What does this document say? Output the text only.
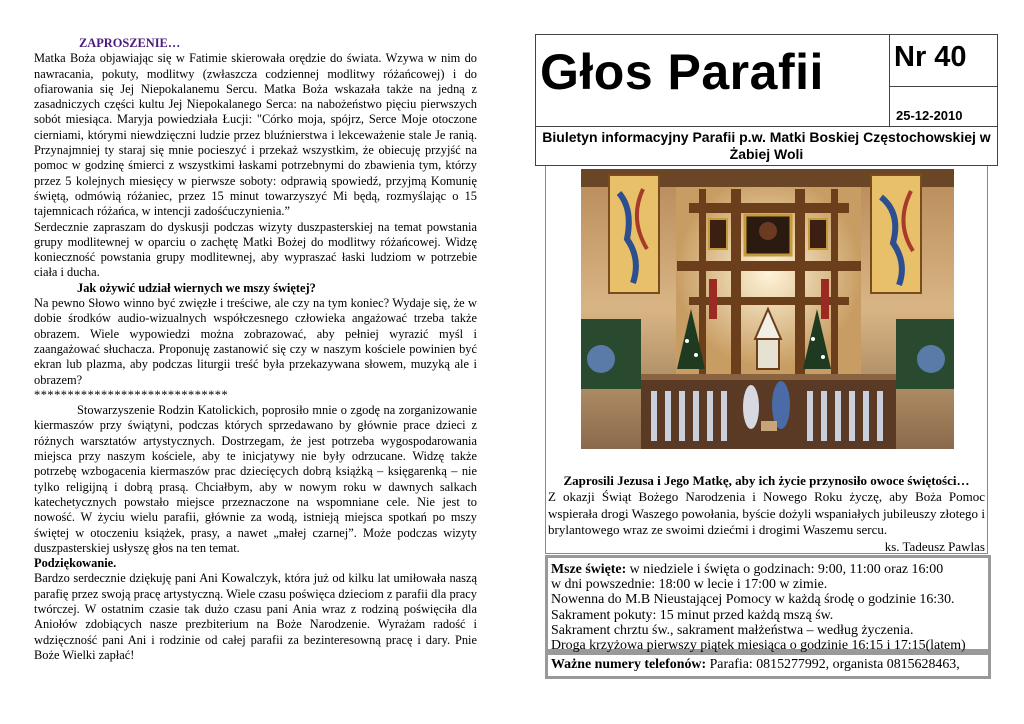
ZAPROSZENIE…

Matka Boża objawiając się w Fatimie skierowała orędzie do świata. Wzywa w nim do nawracania, pokuty, modlitwy (zwłaszcza codziennej modlitwy różańcowej) i do ofiarowania się Jej Niepokalanemu Sercu. Matka Boża wskazała także na jedną z zasadniczych części kultu Jej Niepokalanego Serca: na nabożeństwo pięciu pierwszych sobót miesiąca. Maryja powiedziała Łucji: "Córko moja, spójrz, Serce Moje otoczone cierniami, którymi niewdzięczni ludzie przez bluźnierstwa i lekceważenie stale Je ranią. Przynajmniej ty staraj się mnie pocieszyć i przekaż wszystkim, że obiecuję przyjść na pomoc w godzinę śmierci z wszystkimi łaskami potrzebnymi do zbawienia tym, którzy przez 5 kolejnych miesięcy w pierwsze soboty: odprawią spowiedź, przyjmą Komunię świętą, odmówią różaniec, przez 15 minut towarzyszyć Mi będą, rozmyślając o 15 tajemnicach różańca, w intencji zadośćuczynienia.”

Serdecznie zapraszam do dyskusji podczas wizyty duszpasterskiej na temat powstania grupy modlitewnej w oparciu o zachętę Matki Bożej do modlitwy różańcowej. Widzę konieczność powstania grupy modlitewnej, aby wypraszać łaski ludziom w potrzebie ciała i ducha.

Jak ożywić udział wiernych we mszy świętej?

Na pewno Słowo winno być zwięzłe i treściwe, ale czy na tym koniec? Wydaje się, że w dobie środków audio-wizualnych współczesnego człowieka angażować trzeba także obrazem. Wiele wypowiedzi można zobrazować, aby pełniej wyrazić myśl i zaangażować słuchacza. Proponuję zastanowić się czy w naszym kościele powinien być ekran lub plazma, aby podczas liturgii treść była przekazywana słowem, muzyką ale i obrazem?

*****************************

Stowarzyszenie Rodzin Katolickich, poprosiło mnie o zgodę na zorganizowanie kiermaszów przy świątyni, podczas których sprzedawano by głównie prace dzieci z różnych warsztatów artystycznych. Dostrzegam, że jest potrzeba wygospodarowania miejsca przy naszym kościele, aby te inicjatywy nie były odrzucane. Widzę także potrzebę wzbogacenia kiermaszów prac dziecięcych dobrą książką – księgarenką – nie tylko religijną i dobrą prasą. Chciałbym, aby w nowym roku w dawnych salkach katechetycznych powstało miejsce przeznaczone na wspomniane cele. Nie jest to nowość. W życiu wielu parafii, głównie za wodą, istnieją miejsca spotkań po mszy świętej w otoczeniu książek, prasy, a nawet „małej czarnej”. Może podczas wizyty duszpasterskiej usłyszę głos na ten temat.

Podziękowanie.

Bardzo serdecznie dziękuję pani Ani Kowalczyk, która już od kilku lat umiłowała naszą parafię przez swoją pracę artystyczną. Wiele czasu poświęca dzieciom z parafii dla pracy twórczej. W ostatnim czasie tak dużo czasu pani Ania wraz z rodziną poświęciła dla Aniołów zdobiących nasze prezbiterium na Boże Narodzenie. Wyrażam radość i wdzięczność pani Ani i rodzinie od całej parafii za bezinteresowną pracę i dary. Pnie Boże Wielki zapłać!

Głos Parafii Nr 40
25-12-2010
Biuletyn informacyjny Parafii p.w. Matki Boskiej Częstochowskiej w Żabiej Woli

Zaprosili Jezusa i Jego Matkę, aby ich życie przynosiło owoce świętości…

Z okazji Świąt Bożego Narodzenia i Nowego Roku życzę, aby Boża Pomoc wspierała drogi Waszego powołania, byście dożyli wspaniałych jubileuszy złotego i brylantowego wraz ze swoimi dziećmi i drogimi Waszemu sercu.

ks. Tadeusz Pawlas

Msze święte: w niedziele i święta o godzinach: 9:00, 11:00 oraz 16:00

w dni powszednie: 18:00 w lecie i 17:00 w zimie.

Nowenna do M.B Nieustającej Pomocy w każdą środę o godzinie 16:30.

Sakrament pokuty: 15 minut przed każdą mszą św.

Sakrament chrztu św., sakrament małżeństwa – według życzenia.

Droga krzyżowa pierwszy piątek miesiąca o godzinie 16:15 i 17:15(latem)

Ważne numery telefonów: Parafia: 0815277992, organista 0815628463,
